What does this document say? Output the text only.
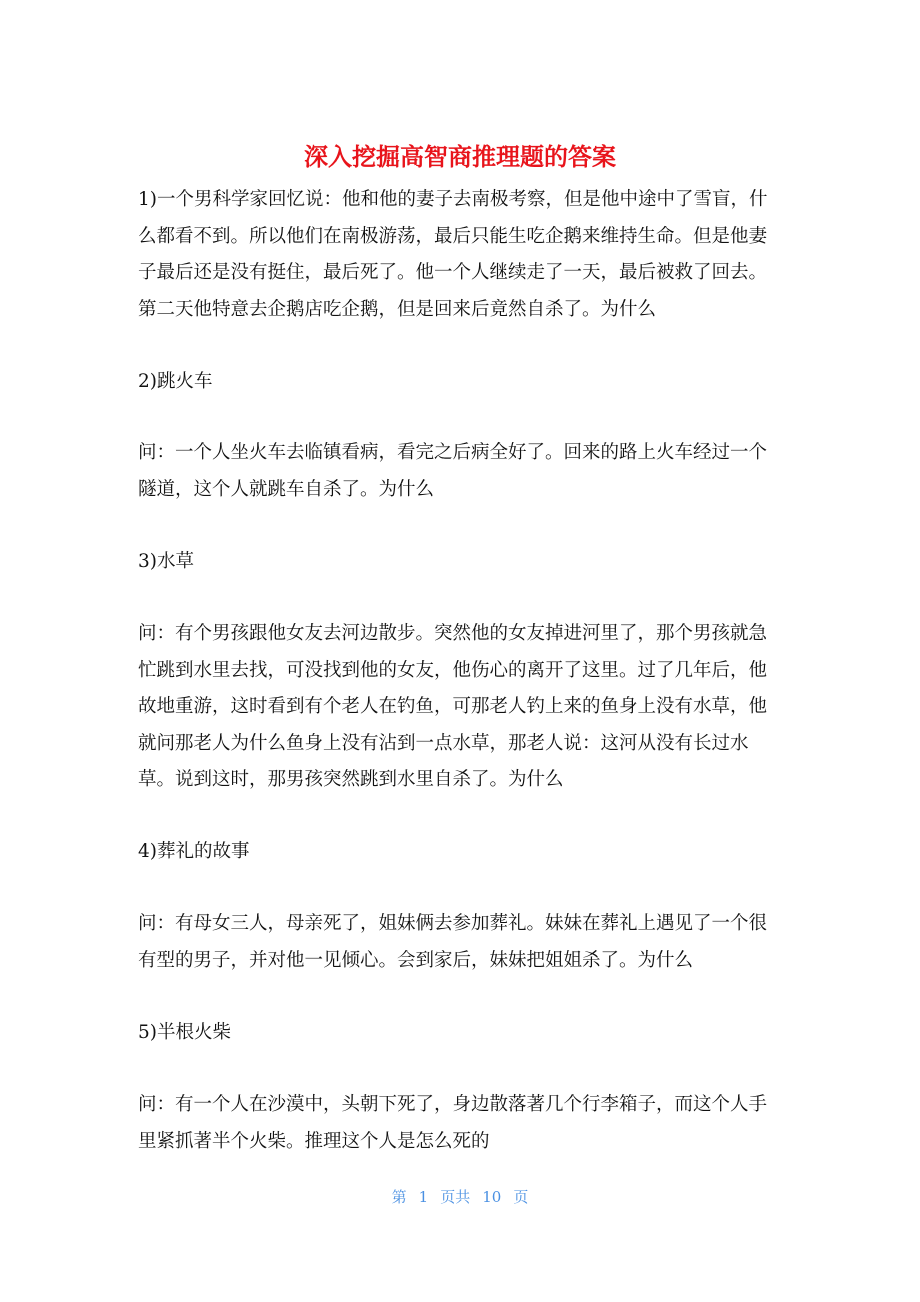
深入挖掘高智商推理题的答案
1)一个男科学家回忆说：他和他的妻子去南极考察，但是他中途中了雪盲，什
么都看不到。所以他们在南极游荡，最后只能生吃企鹅来维持生命。但是他妻
子最后还是没有挺住，最后死了。他一个人继续走了一天，最后被救了回去。
第二天他特意去企鹅店吃企鹅，但是回来后竟然自杀了。为什么
2)跳火车
问：一个人坐火车去临镇看病，看完之后病全好了。回来的路上火车经过一个
隧道，这个人就跳车自杀了。为什么
3)水草
问：有个男孩跟他女友去河边散步。突然他的女友掉进河里了，那个男孩就急
忙跳到水里去找，可没找到他的女友，他伤心的离开了这里。过了几年后，他
故地重游，这时看到有个老人在钓鱼，可那老人钓上来的鱼身上没有水草，他
就问那老人为什么鱼身上没有沾到一点水草，那老人说：这河从没有长过水
草。说到这时，那男孩突然跳到水里自杀了。为什么
4)葬礼的故事
问：有母女三人，母亲死了，姐妹俩去参加葬礼。妹妹在葬礼上遇见了一个很
有型的男子，并对他一见倾心。会到家后，妹妹把姐姐杀了。为什么
5)半根火柴
问：有一个人在沙漠中，头朝下死了，身边散落著几个行李箱子，而这个人手
里紧抓著半个火柴。推理这个人是怎么死的
第 1 页共 10 页
